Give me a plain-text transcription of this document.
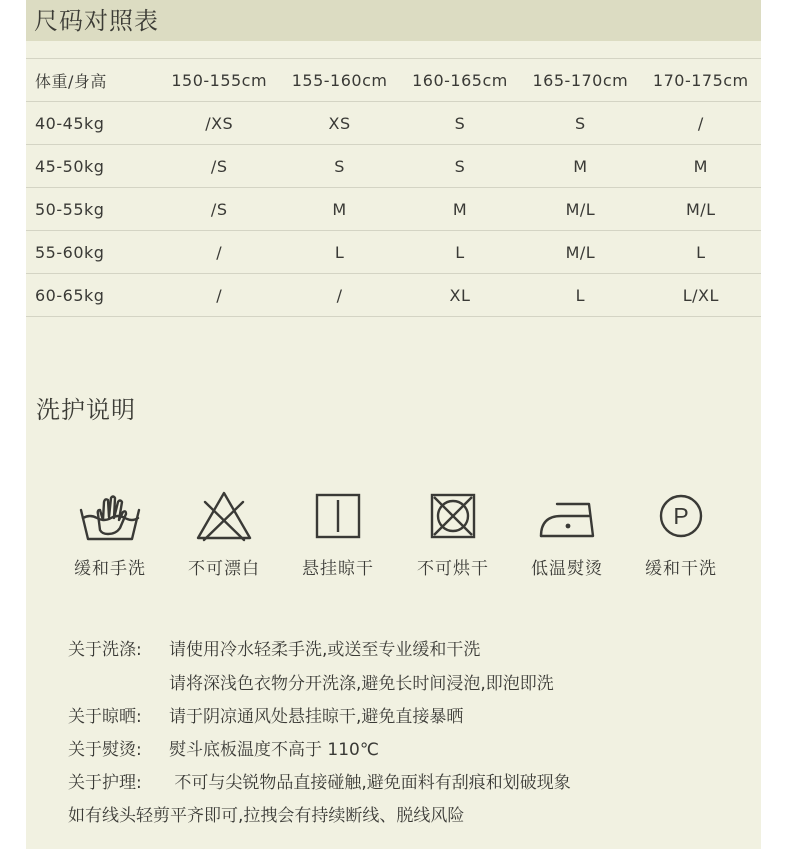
尺码对照表
体重/身高	150-155cm	155-160cm	160-165cm	165-170cm	170-175cm
40-45kg	/XS	XS	S	S	/
45-50kg	/S	S	S	M	M
50-55kg	/S	M	M	M/L	M/L
55-60kg	/	L	L	M/L	L
60-65kg	/	/	XL	L	L/XL
洗护说明
缓和手洗	不可漂白	悬挂晾干	不可烘干	低温熨烫
P
缓和干洗
关于洗涤: 请使用冷水轻柔手洗,或送至专业缓和干洗
请将深浅色衣物分开洗涤,避免长时间浸泡,即泡即洗
关于晾晒: 请于阴凉通风处悬挂晾干,避免直接暴晒
关于熨烫: 熨斗底板温度不高于 110℃
关于护理: 不可与尖锐物品直接碰触,避免面料有刮痕和划破现象
如有线头轻剪平齐即可,拉拽会有持续断线、脱线风险
